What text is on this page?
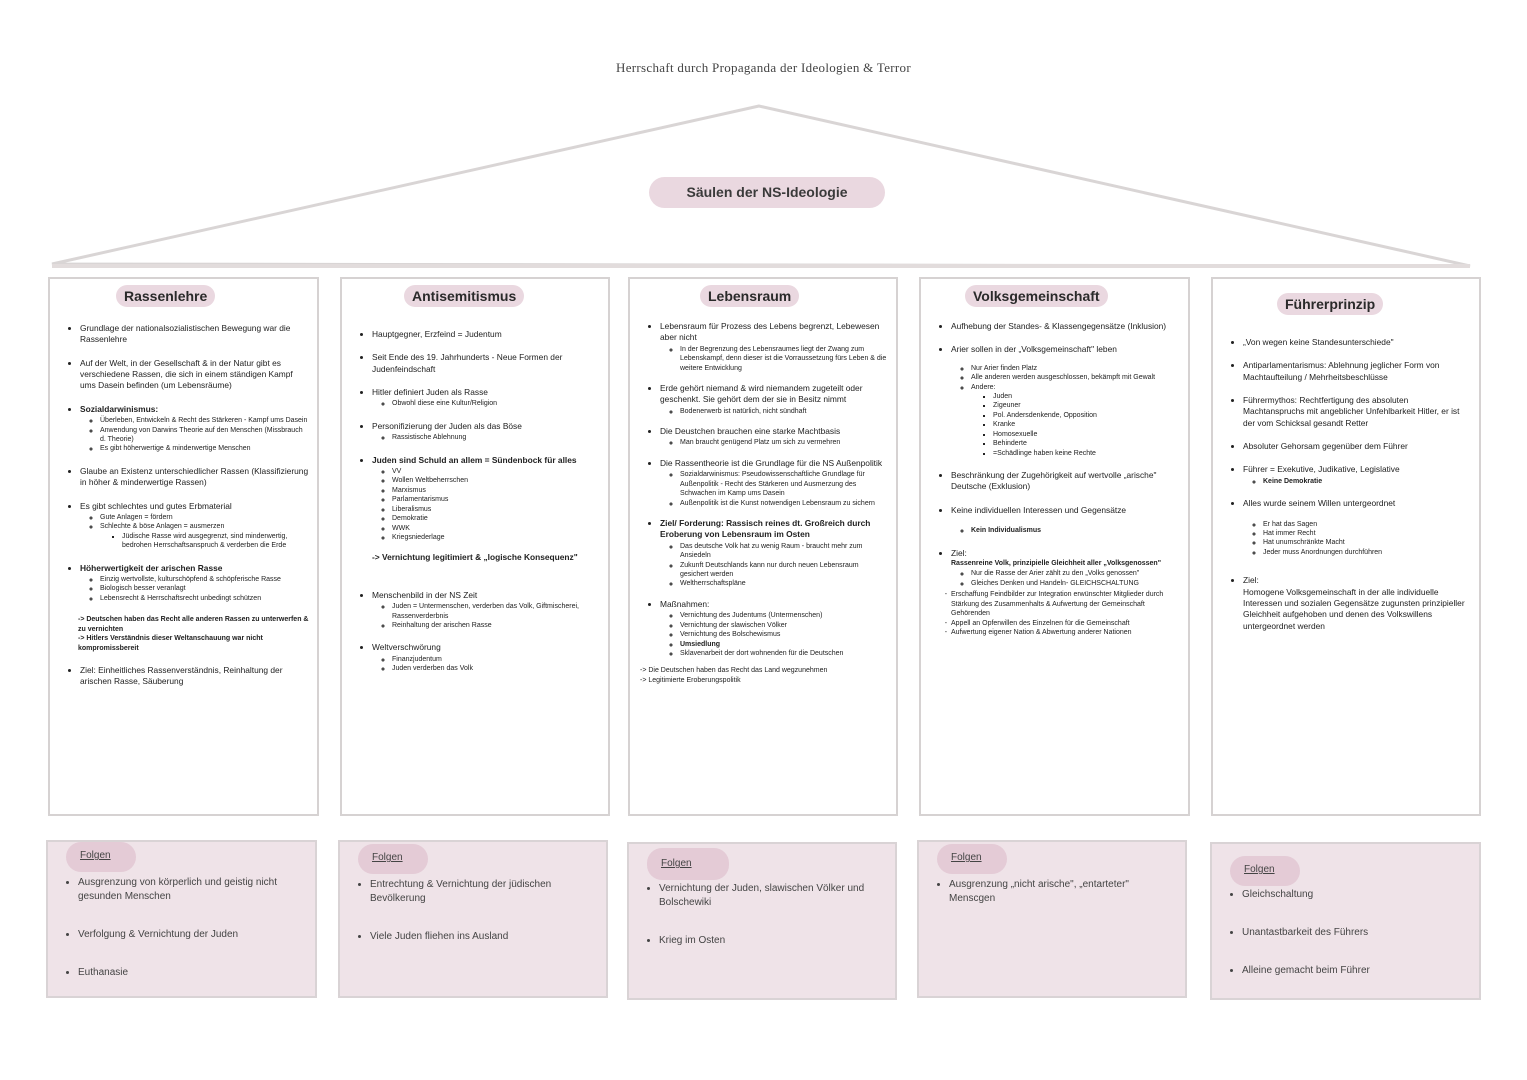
Herrschaft durch Propaganda der Ideologien & Terror
Säulen der NS-Ideologie
Rassenlehre
• Grundlage der nationalsozialistischen Bewegung war die Rassenlehre
• Auf der Welt, in der Gesellschaft & in der Natur gibt es verschiedene Rassen, die sich in einem ständigen Kampf ums Dasein befinden (um Lebensräume)
• Sozialdarwinismus:
◦ Überleben, Entwickeln & Recht des Stärkeren - Kampf ums Dasein
◦ Anwendung von Darwins Theorie auf den Menschen (Missbrauch d. Theorie)
◦ Es gibt höherwertige & minderwertige Menschen
• Glaube an Existenz unterschiedlicher Rassen (Klassifizierung in höher & minderwertige Rassen)
• Es gibt schlechtes und gutes Erbmaterial
◦ Gute Anlagen = fördern
◦ Schlechte & böse Anlagen = ausmerzen
▪ Jüdische Rasse wird ausgegrenzt, sind minderwertig, bedrohen Herrschaftsanspruch & verderben die Erde
• Höherwertigkeit der arischen Rasse
◦ Einzig wertvollste, kulturschöpfend & schöpferische Rasse
◦ Biologisch besser veranlagt
◦ Lebensrecht & Herrschaftsrecht unbedingt schützen
-> Deutschen haben das Recht alle anderen Rassen zu unterwerfen & zu vernichten
-> Hitlers Verständnis dieser Weltanschauung war nicht kompromissbereit
• Ziel: Einheitliches Rassenverständnis, Reinhaltung der arischen Rasse, Säuberung
Antisemitismus
• Hauptgegner, Erzfeind = Judentum
• Seit Ende des 19. Jahrhunderts - Neue Formen der Judenfeindschaft
• Hitler definiert Juden als Rasse
◦ Obwohl diese eine Kultur/Religion
• Personifizierung der Juden als das Böse
◦ Rassistische Ablehnung
• Juden sind Schuld an allem = Sündenbock für alles
◦ VV
◦ Wollen Weltbeherrschen
◦ Marxismus
◦ Parlamentarismus
◦ Liberalismus
◦ Demokratie
◦ WWK
◦ Kriegsniederlage
-> Vernichtung legitimiert & „logische Konsequenz"
• Menschenbild in der NS Zeit
◦ Juden = Untermenschen, verderben das Volk, Giftmischerei, Rassenverderbnis
◦ Reinhaltung der arischen Rasse
• Weltverschwörung
◦ Finanzjudentum
◦ Juden verderben das Volk
Lebensraum
• Lebensraum für Prozess des Lebens begrenzt, Lebewesen aber nicht
◦ In der Begrenzung des Lebensraumes liegt der Zwang zum Lebenskampf, denn dieser ist die Vorraussetzung fürs Leben & die weitere Entwicklung
• Erde gehört niemand & wird niemandem zugeteilt oder geschenkt. Sie gehört dem der sie in Besitz nimmt
◦ Bodenerwerb ist natürlich, nicht sündhaft
• Die Deustchen brauchen eine starke Machtbasis
◦ Man braucht genügend Platz um sich zu vermehren
• Die Rassentheorie ist die Grundlage für die NS Außenpolitik
◦ Sozialdarwinismus: Pseudowissenschaftliche Grundlage für Außenpolitik - Recht des Stärkeren und Ausmerzung des Schwachen im Kamp ums Dasein
◦ Außenpolitik ist die Kunst notwendigen Lebensraum zu sichern
• Ziel/ Forderung: Rassisch reines dt. Großreich durch Eroberung von Lebensraum im Osten
◦ Das deutsche Volk hat zu wenig Raum - braucht mehr zum Ansiedeln
◦ Zukunft Deutschlands kann nur durch neuen Lebensraum gesichert werden
◦ Weltherrschaftspläne
• Maßnahmen:
◦ Vernichtung des Judentums (Untermenschen)
◦ Vernichtung der slawischen Völker
◦ Vernichtung des Bolschewismus
◦ Umsiedlung
◦ Sklavenarbeit der dort wohnenden für die Deutschen
-> Die Deutschen haben das Recht das Land wegzunehmen
-> Legitimierte Eroberungspolitik
Volksgemeinschaft
• Aufhebung der Standes- & Klassengegensätze (Inklusion)
• Arier sollen in der „Volksgemeinschaft" leben
◦ Nur Arier finden Platz
◦ Alle anderen werden ausgeschlossen, bekämpft mit Gewalt
◦ Andere:
▪ Juden
▪ Zigeuner
▪ Pol. Andersdenkende, Opposition
▪ Kranke
▪ Homosexuelle
▪ Behinderte
▪ =Schädlinge haben keine Rechte
• Beschränkung der Zugehörigkeit auf wertvolle „arische" Deutsche (Exklusion)
• Keine individuellen Interessen und Gegensätze
◦ Kein Individualismus
• Ziel:
Rassenreine Volk, prinzipielle Gleichheit aller „Volksgenossen"
◦ Nur die Rasse der Arier zählt zu den „Volks genossen"
◦ Gleiches Denken und Handeln- GLEICHSCHALTUNG
- Erschaffung Feindbilder zur Integration erwünschter Mitglieder durch Stärkung des Zusammenhalts & Aufwertung der Gemeinschaft Gehörenden
- Appell an Opferwillen des Einzelnen für die Gemeinschaft
- Aufwertung eigener Nation & Abwertung anderer Nationen
Führerprinzip
• „Von wegen keine Standesunterschiede"
• Antiparlamentarismus: Ablehnung jeglicher Form von Machtaufteilung / Mehrheitsbeschlüsse
• Führermythos: Rechtfertigung des absoluten Machtanspruchs mit angeblicher Unfehlbarkeit Hitler, er ist der vom Schicksal gesandt Retter
• Absoluter Gehorsam gegenüber dem Führer
• Führer = Exekutive, Judikative, Legislative
◦ Keine Demokratie
• Alles wurde seinem Willen untergeordnet
◦ Er hat das Sagen
◦ Hat immer Recht
◦ Hat unumschränkte Macht
◦ Jeder muss Anordnungen durchführen
• Ziel:
Homogene Volksgemeinschaft in der alle individuelle Interessen und sozialen Gegensätze zugunsten prinzipieller Gleichheit aufgehoben und denen des Volkswillens untergeordnet werden
Folgen
• Ausgrenzung von körperlich und geistig nicht gesunden Menschen
• Verfolgung & Vernichtung der Juden
• Euthanasie
Folgen
• Entrechtung & Vernichtung der jüdischen Bevölkerung
• Viele Juden fliehen ins Ausland
Folgen
• Vernichtung der Juden, slawischen Völker und Bolschewiki
• Krieg im Osten
Folgen
• Ausgrenzung „nicht arische", „entarteter" Menscgen
Folgen
• Gleichschaltung
• Unantastbarkeit des Führers
• Alleine gemacht beim Führer
